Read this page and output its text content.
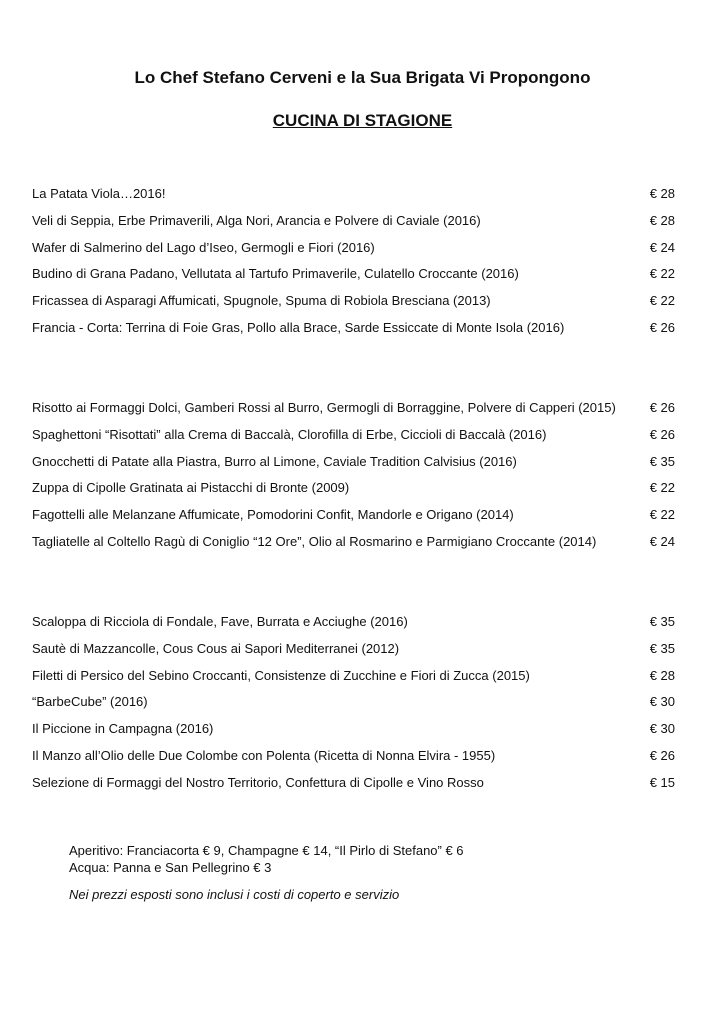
Lo Chef Stefano Cerveni e la Sua Brigata Vi Propongono
CUCINA DI STAGIONE
La Patata Viola…2016!	€ 28
Veli di Seppia, Erbe Primaverili, Alga Nori, Arancia e Polvere di Caviale (2016)	€ 28
Wafer di Salmerino del Lago d’Iseo, Germogli e Fiori (2016)	€ 24
Budino di Grana Padano, Vellutata al Tartufo Primaverile, Culatello Croccante (2016)	€ 22
Fricassea di Asparagi Affumicati, Spugnole, Spuma di Robiola Bresciana (2013)	€ 22
Francia - Corta: Terrina di Foie Gras, Pollo alla Brace, Sarde Essiccate di Monte Isola (2016)	€ 26
Risotto ai Formaggi Dolci, Gamberi Rossi al Burro, Germogli di Borraggine, Polvere di Capperi (2015)	€ 26
Spaghettoni “Risottati” alla Crema di Baccalà, Clorofilla di Erbe, Ciccioli di Baccalà (2016)	€ 26
Gnocchetti di Patate alla Piastra, Burro al Limone, Caviale Tradition Calvisius (2016)	€ 35
Zuppa di Cipolle Gratinata ai Pistacchi di Bronte (2009)	€ 22
Fagottelli alle Melanzane Affumicate, Pomodorini Confit, Mandorle e Origano (2014)	€ 22
Tagliatelle al Coltello Ragù di Coniglio “12 Ore”, Olio al Rosmarino e Parmigiano Croccante (2014)	€ 24
Scaloppa di Ricciola di Fondale, Fave, Burrata e Acciughe (2016)	€ 35
Sautè di Mazzancolle, Cous Cous ai Sapori Mediterranei (2012)	€ 35
Filetti di Persico del Sebino Croccanti, Consistenze di Zucchine e Fiori di Zucca (2015)	€ 28
“BarbeCube” (2016)	€ 30
Il Piccione in Campagna (2016)	€ 30
Il Manzo all’Olio delle Due Colombe con Polenta (Ricetta di Nonna Elvira - 1955)	€ 26
Selezione di Formaggi del Nostro Territorio, Confettura di Cipolle e Vino Rosso	€ 15
Aperitivo: Franciacorta € 9, Champagne € 14, “Il Pirlo di Stefano” € 6
Acqua: Panna e San Pellegrino € 3
Nei prezzi esposti sono inclusi i costi di coperto e servizio
